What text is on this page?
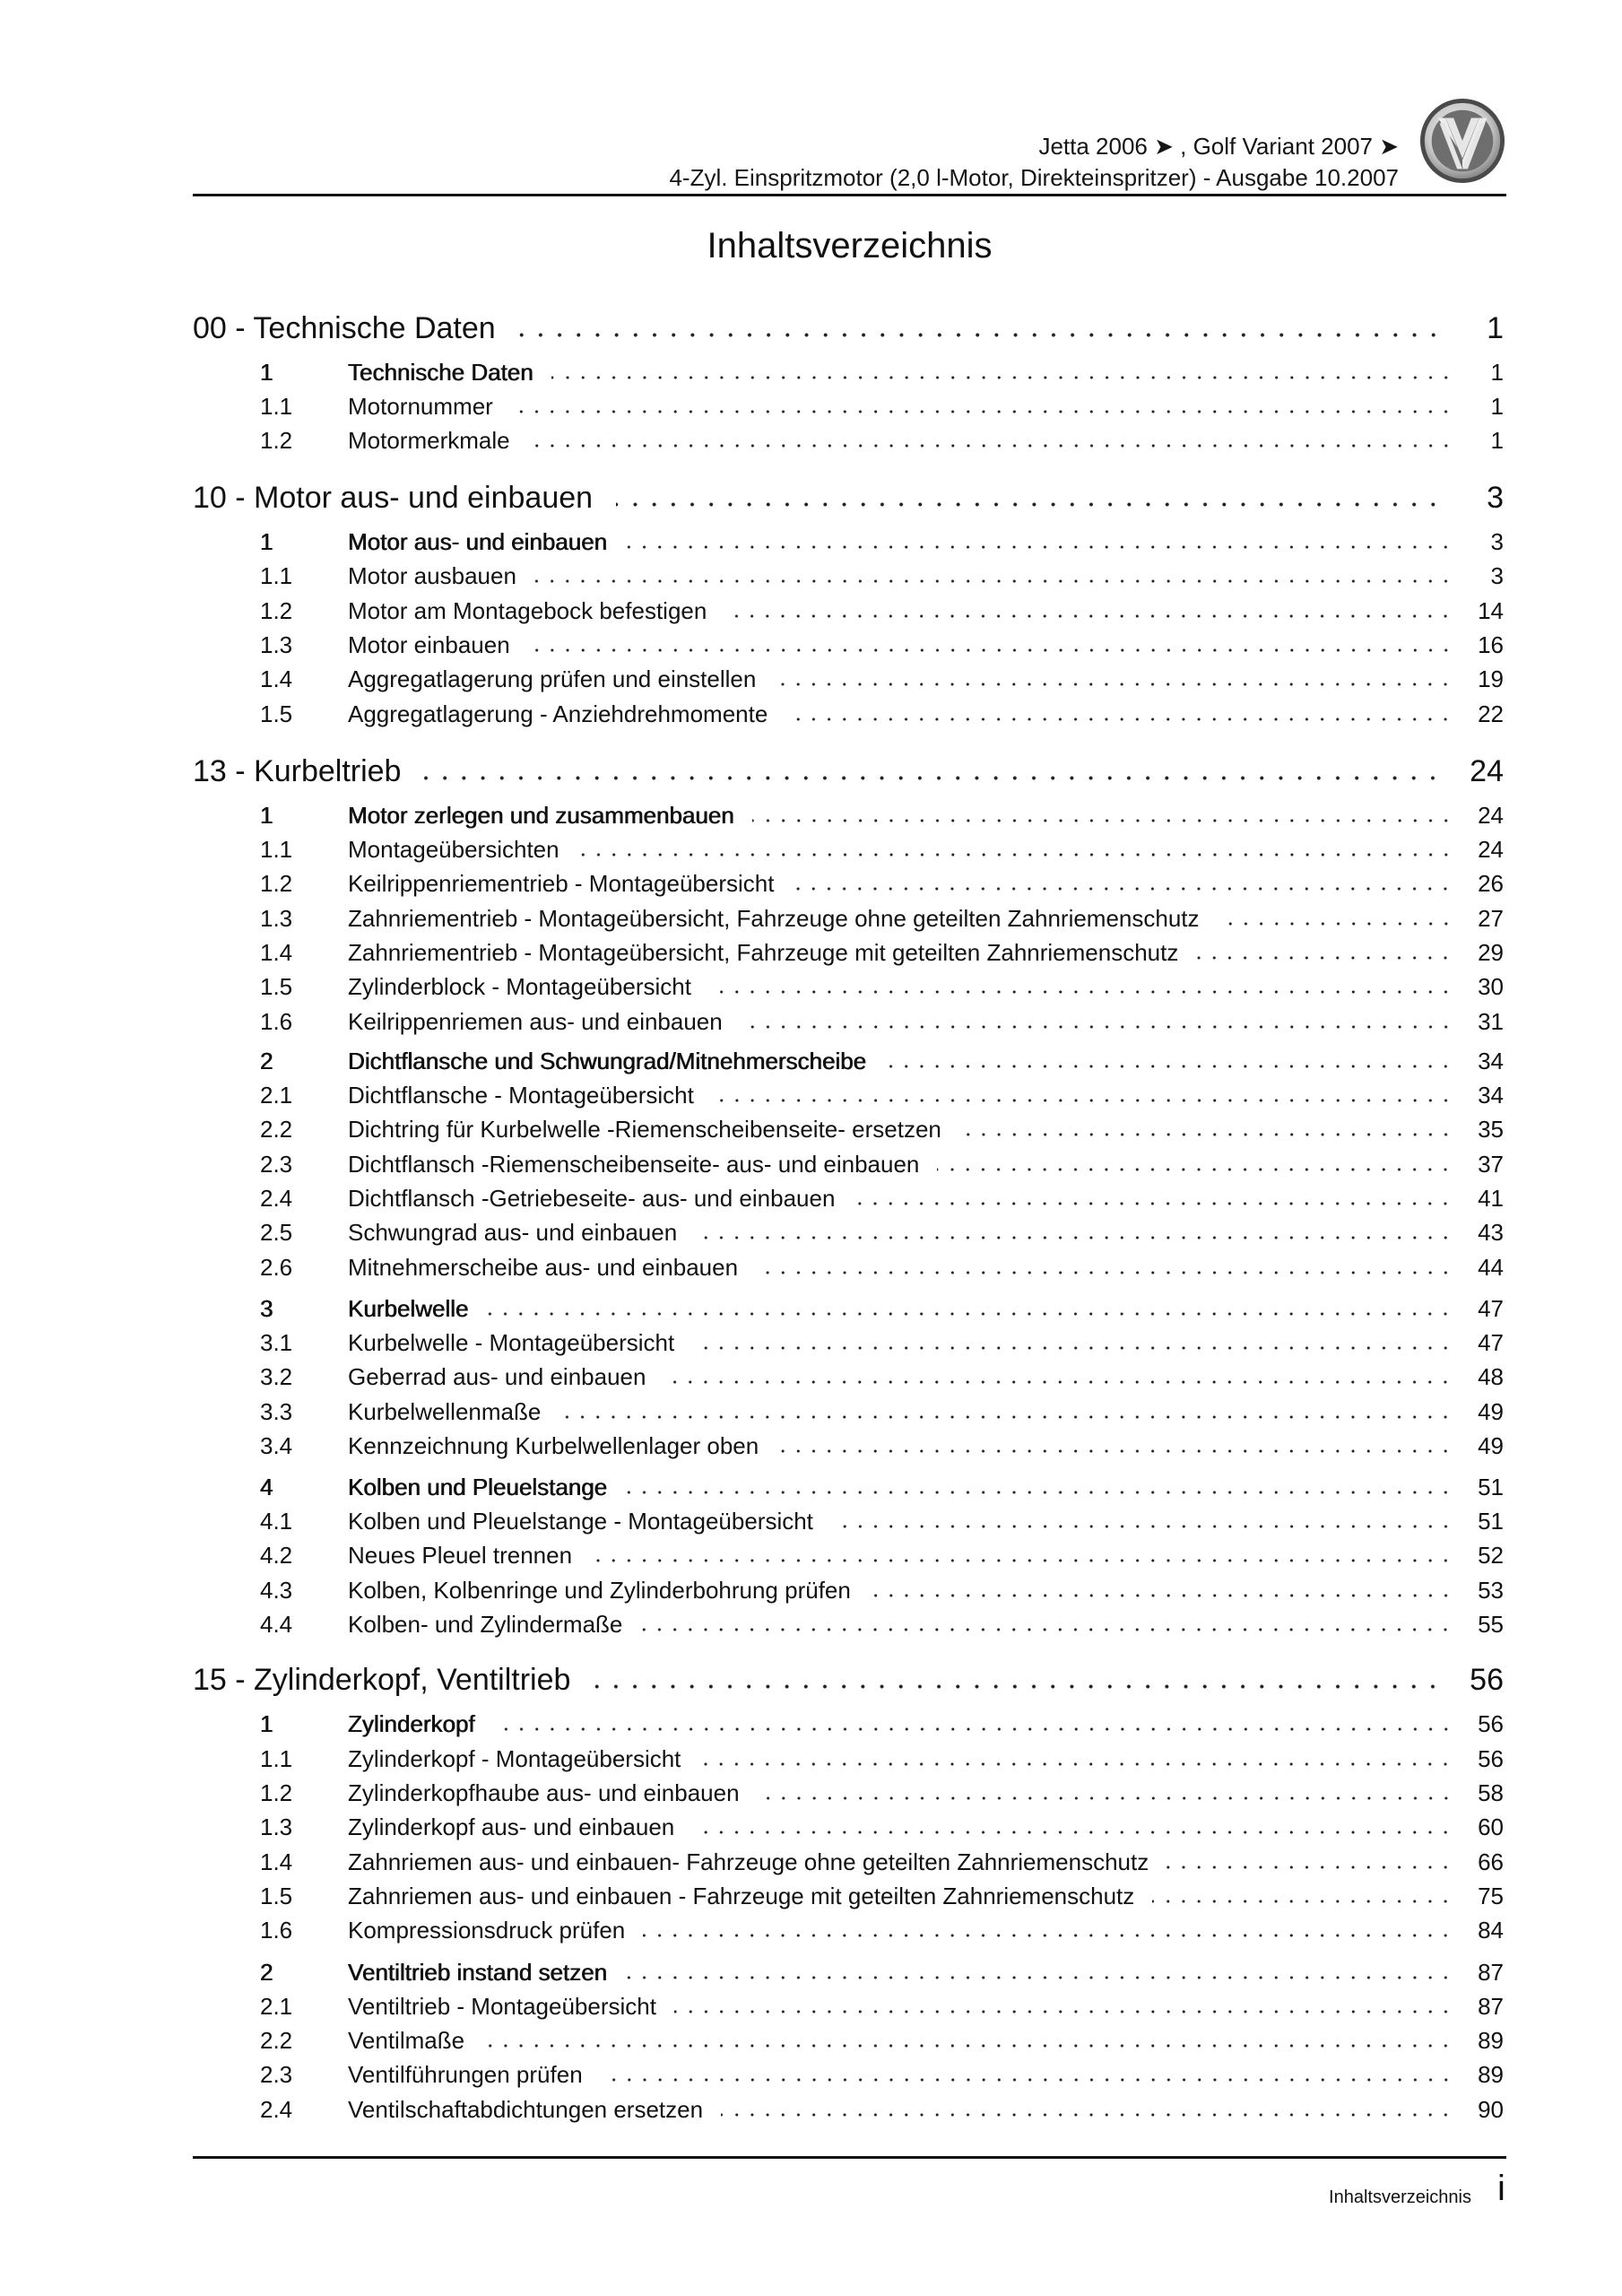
Jetta 2006 ➤ , Golf Variant 2007 ➤
4-Zyl. Einspritzmotor (2,0 l-Motor, Direkteinspritzer) - Ausgabe 10.2007
Inhaltsverzeichnis
00 - Technische Daten	1
1	Technische Daten	1
1.1	Motornummer	1
1.2	Motormerkmale	1
10 - Motor aus- und einbauen	3
1	Motor aus- und einbauen	3
1.1	Motor ausbauen	3
1.2	Motor am Montagebock befestigen	14
1.3	Motor einbauen	16
1.4	Aggregatlagerung prüfen und einstellen	19
1.5	Aggregatlagerung - Anziehdrehmomente	22
13 - Kurbeltrieb	24
1	Motor zerlegen und zusammenbauen	24
1.1	Montageübersichten	24
1.2	Keilrippenriementrieb - Montageübersicht	26
1.3	Zahnriementrieb - Montageübersicht, Fahrzeuge ohne geteilten Zahnriemenschutz	27
1.4	Zahnriementrieb - Montageübersicht, Fahrzeuge mit geteilten Zahnriemenschutz	29
1.5	Zylinderblock - Montageübersicht	30
1.6	Keilrippenriemen aus- und einbauen	31
2	Dichtflansche und Schwungrad/Mitnehmerscheibe	34
2.1	Dichtflansche - Montageübersicht	34
2.2	Dichtring für Kurbelwelle -Riemenscheibenseite- ersetzen	35
2.3	Dichtflansch -Riemenscheibenseite- aus- und einbauen	37
2.4	Dichtflansch -Getriebeseite- aus- und einbauen	41
2.5	Schwungrad aus- und einbauen	43
2.6	Mitnehmerscheibe aus- und einbauen	44
3	Kurbelwelle	47
3.1	Kurbelwelle - Montageübersicht	47
3.2	Geberrad aus- und einbauen	48
3.3	Kurbelwellenmaße	49
3.4	Kennzeichnung Kurbelwellenlager oben	49
4	Kolben und Pleuelstange	51
4.1	Kolben und Pleuelstange - Montageübersicht	51
4.2	Neues Pleuel trennen	52
4.3	Kolben, Kolbenringe und Zylinderbohrung prüfen	53
4.4	Kolben- und Zylindermaße	55
15 - Zylinderkopf, Ventiltrieb	56
1	Zylinderkopf	56
1.1	Zylinderkopf - Montageübersicht	56
1.2	Zylinderkopfhaube aus- und einbauen	58
1.3	Zylinderkopf aus- und einbauen	60
1.4	Zahnriemen aus- und einbauen- Fahrzeuge ohne geteilten Zahnriemenschutz	66
1.5	Zahnriemen aus- und einbauen - Fahrzeuge mit geteilten Zahnriemenschutz	75
1.6	Kompressionsdruck prüfen	84
2	Ventiltrieb instand setzen	87
2.1	Ventiltrieb - Montageübersicht	87
2.2	Ventilmaße	89
2.3	Ventilführungen prüfen	89
2.4	Ventilschaftabdichtungen ersetzen	90
Inhaltsverzeichnis i
